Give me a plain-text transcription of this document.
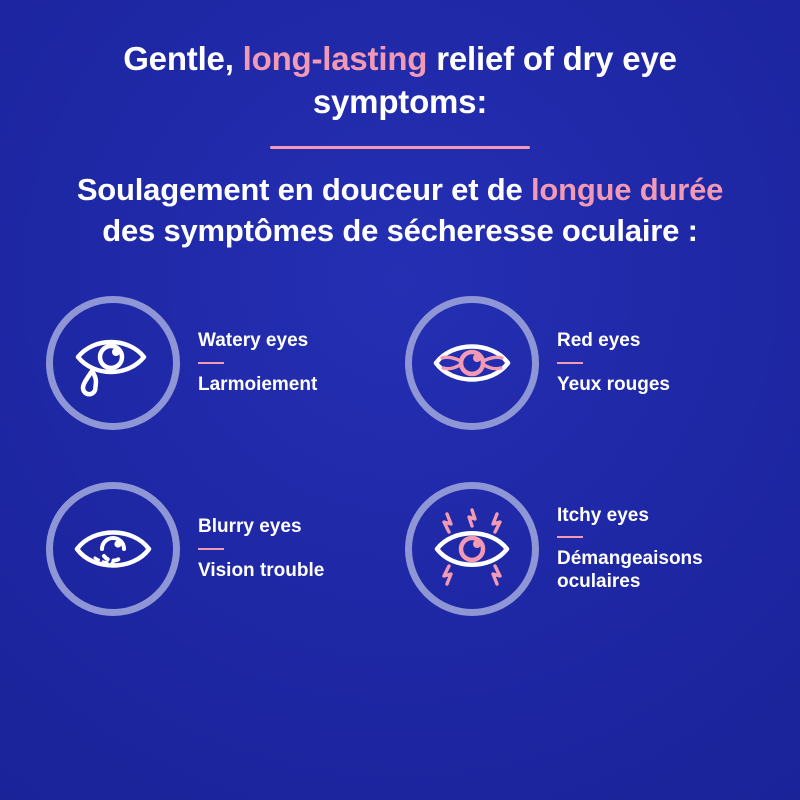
Gentle, long-lasting relief of dry eye symptoms:
Soulagement en douceur et de longue durée des symptômes de sécheresse oculaire :
Watery eyes
Larmoiement
Red eyes
Yeux rouges
Blurry eyes
Vision trouble
Itchy eyes
Démangeaisons oculaires
